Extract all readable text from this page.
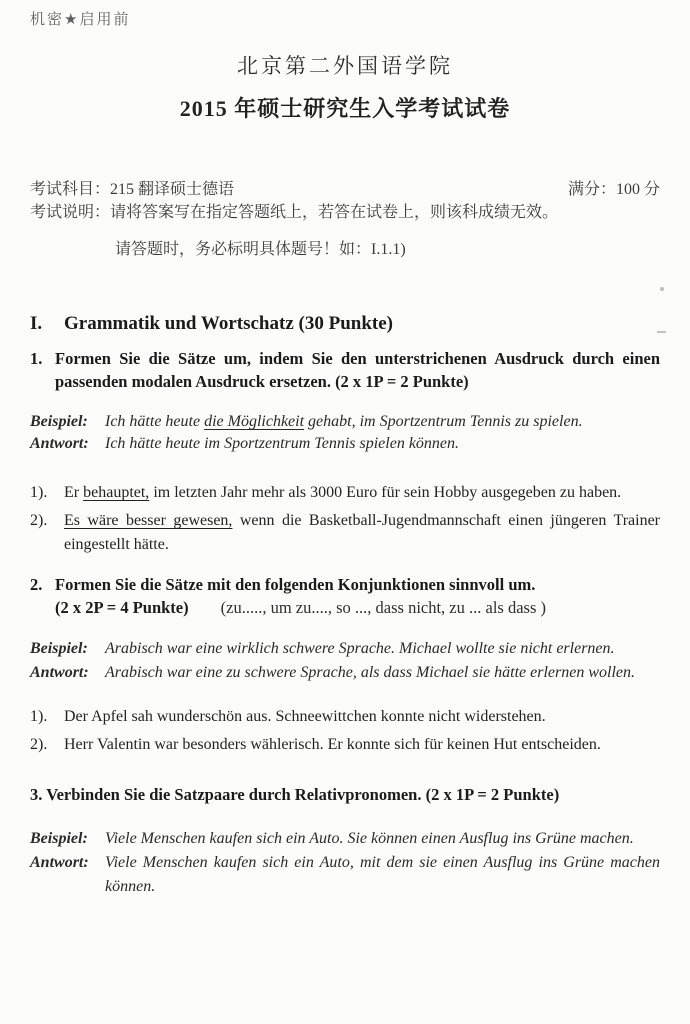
机密★启用前
北京第二外国语学院
2015 年硕士研究生入学考试试卷
考试科目：215 翻译硕士德语	满分：100 分
考试说明：请将答案写在指定答题纸上，若答在试卷上，则该科成绩无效。
请答题时，务必标明具体题号！如：I.1.1)
I.	Grammatik und Wortschatz (30 Punkte)
1. Formen Sie die Sätze um, indem Sie den unterstrichenen Ausdruck durch einen passenden modalen Ausdruck ersetzen. (2 x 1P = 2 Punkte)
Beispiel:	Ich hätte heute die Möglichkeit gehabt, im Sportzentrum Tennis zu spielen.
Antwort:	Ich hätte heute im Sportzentrum Tennis spielen können.
1).	Er behauptet, im letzten Jahr mehr als 3000 Euro für sein Hobby ausgegeben zu haben.
2).	Es wäre besser gewesen, wenn die Basketball-Jugendmannschaft einen jüngeren Trainer eingestellt hätte.
2. Formen Sie die Sätze mit den folgenden Konjunktionen sinnvoll um.
(2 x 2P = 4 Punkte) (zu....., um zu...., so ..., dass nicht, zu ... als dass )
Beispiel:	Arabisch war eine wirklich schwere Sprache. Michael wollte sie nicht erlernen.
Antwort:	Arabisch war eine zu schwere Sprache, als dass Michael sie hätte erlernen wollen.
1).	Der Apfel sah wunderschön aus. Schneewittchen konnte nicht widerstehen.
2).	Herr Valentin war besonders wählerisch. Er konnte sich für keinen Hut entscheiden.
3. Verbinden Sie die Satzpaare durch Relativpronomen. (2 x 1P = 2 Punkte)
Beispiel:	Viele Menschen kaufen sich ein Auto. Sie können einen Ausflug ins Grüne machen.
Antwort:	Viele Menschen kaufen sich ein Auto, mit dem sie einen Ausflug ins Grüne machen können.
